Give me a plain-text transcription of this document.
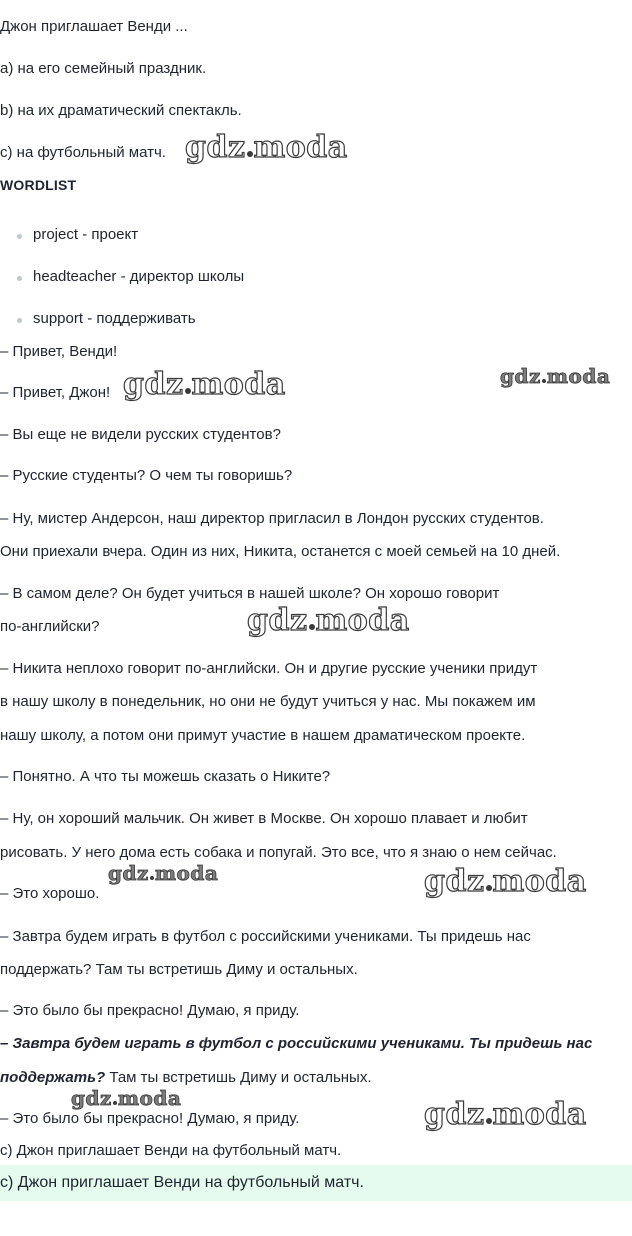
Джон приглашает Венди ...
а) на его семейный праздник.
b) на их драматический спектакль.
с) на футбольный матч.
WORDLIST
project - проект
headteacher - директор школы
support - поддерживать
– Привет, Венди!
– Привет, Джон!
– Вы еще не видели русских студентов?
– Русские студенты? О чем ты говоришь?
– Ну, мистер Андерсон, наш директор пригласил в Лондон русских студентов.
Они приехали вчера. Один из них, Никита, останется с моей семьей на 10 дней.
– В самом деле? Он будет учиться в нашей школе? Он хорошо говорит
по-английски?
– Никита неплохо говорит по-английски. Он и другие русские ученики придут
в нашу школу в понедельник, но они не будут учиться у нас. Мы покажем им
нашу школу, а потом они примут участие в нашем драматическом проекте.
– Понятно. А что ты можешь сказать о Никите?
– Ну, он хороший мальчик. Он живет в Москве. Он хорошо плавает и любит
рисовать. У него дома есть собака и попугай. Это все, что я знаю о нем сейчас.
– Это хорошо.
– Завтра будем играть в футбол с российскими учениками. Ты придешь нас
поддержать? Там ты встретишь Диму и остальных.
– Это было бы прекрасно! Думаю, я приду.
– Завтра будем играть в футбол с российскими учениками. Ты придешь нас
поддержать? Там ты встретишь Диму и остальных.
– Это было бы прекрасно! Думаю, я приду.
с) Джон приглашает Венди на футбольный матч.
с) Джон приглашает Венди на футбольный матч.
gdz moda
gdz moda	gdz moda
gdz moda
gdz moda	gdz moda
gdz moda	gdz moda
